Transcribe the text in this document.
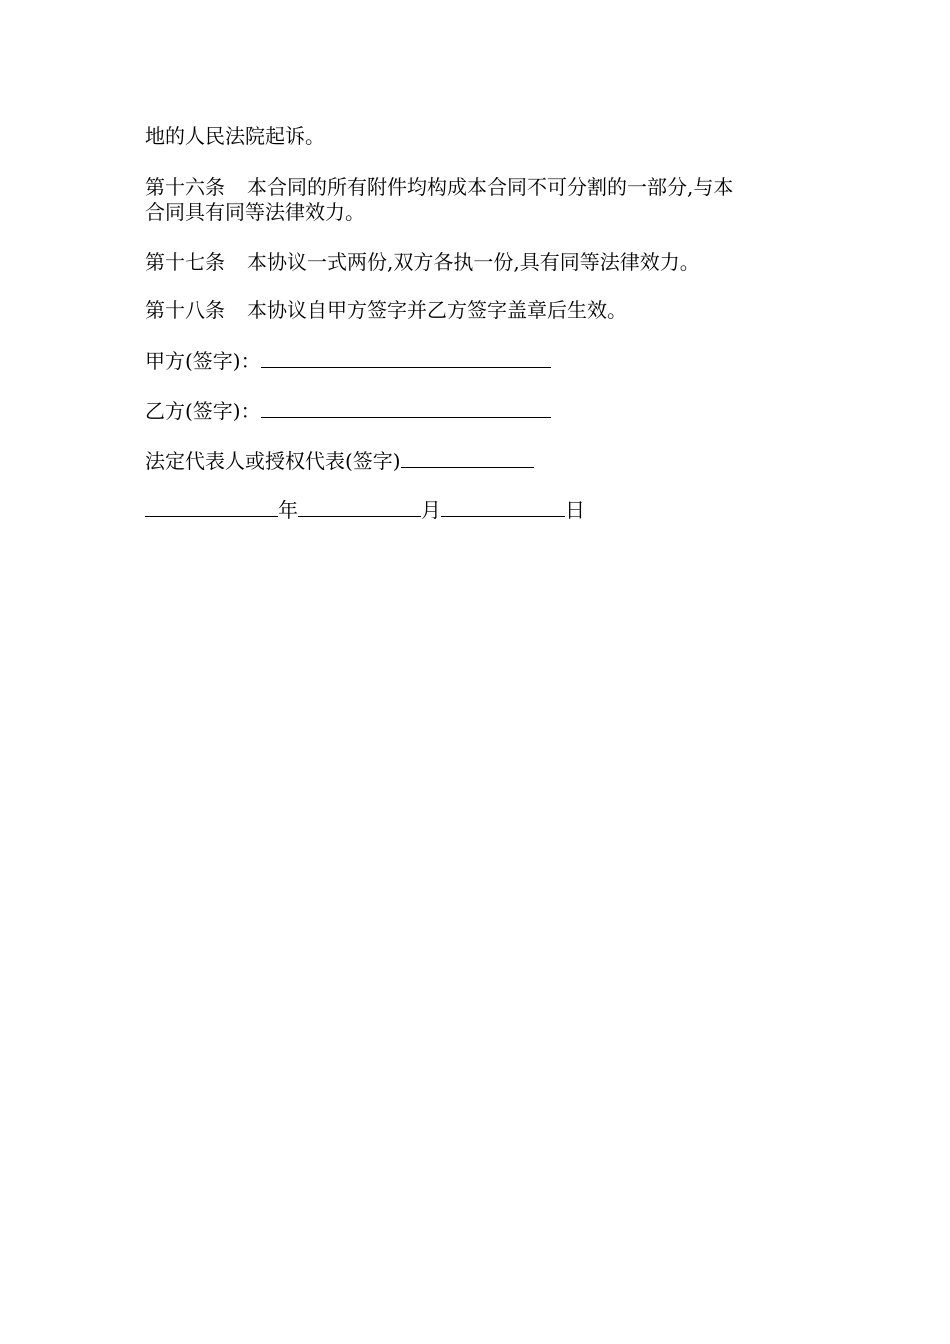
地的人民法院起诉。
第十六条 本合同的所有附件均构成本合同不可分割的一部分,与本
合同具有同等法律效力。
第十七条 本协议一式两份,双方各执一份,具有同等法律效力。
第十八条 本协议自甲方签字并乙方签字盖章后生效。
甲方(签字)：
乙方(签字)：
法定代表人或授权代表(签字)
年	月	日
